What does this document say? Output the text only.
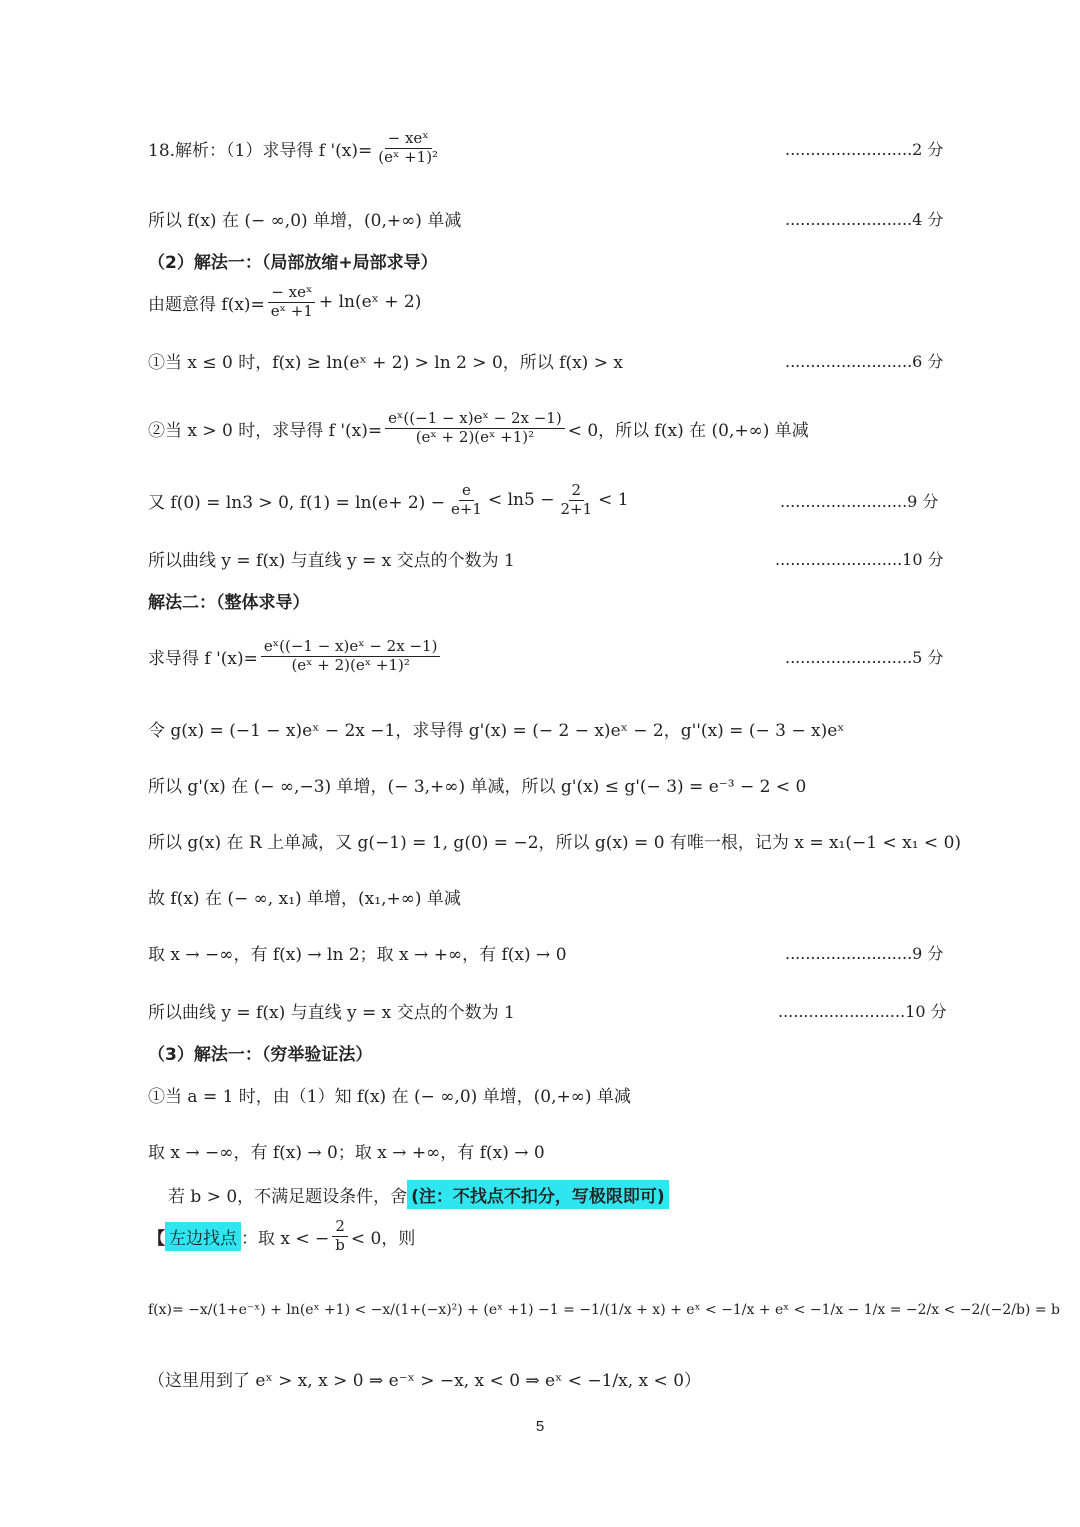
18.解析：（1）求导得 f '$(x)= \frac{\text{− xeˣ}}{\text{(eˣ +1)²}}$	.........................2 分
所以 f(x) 在 (− ∞,0) 单增，(0,+∞) 单减	.........................4 分
（2）解法一：（局部放缩+局部求导）
由题意得 $f(x)= \frac{\text{− xeˣ}}{\text{eˣ +1}}$ + ln(eˣ + 2)
①当 x ≤ 0 时，f(x) ≥ ln(eˣ + 2) > ln 2 > 0，所以 f(x) > x	.........................6 分
②当 x > 0 时，求导得 f '$(x)= \frac{\text{eˣ((−1 − x)eˣ − 2x −1)}}{\text{(eˣ + 2)(eˣ +1)²}} < 0$，所以 f(x) 在 (0,+∞) 单减
又 f(0) = ln3 > 0, $f(1) = \ln(e+ 2) - \frac{e}{e+1} < \ln 5 - \frac{2}{2+1} < 1$	.........................9 分
所以曲线 y = f(x) 与直线 y = x 交点的个数为 1	.........................10 分
解法二：（整体求导）
求导得 f '$(x)= \frac{\text{eˣ((−1 − x)eˣ − 2x −1)}}{\text{(eˣ + 2)(eˣ +1)²}}$	.........................5 分
令 g(x) = (−1 − x)eˣ − 2x −1，求导得 g'(x) = (− 2 − x)eˣ − 2，g''(x) = (− 3 − x)eˣ
所以 g'(x) 在 (− ∞,−3) 单增，(− 3,+∞) 单减，所以 g'(x) ≤ g'(− 3) = e⁻³ − 2 < 0
所以 g(x) 在 R 上单减，又 g(−1) = 1, g(0) = −2，所以 g(x) = 0 有唯一根，记为 x = x₁(−1 < x₁ < 0)
故 f(x) 在 (− ∞, x₁) 单增，(x₁,+∞) 单减
取 x → −∞，有 f(x) → ln 2；取 x → +∞，有 f(x) → 0	.........................9 分
所以曲线 y = f(x) 与直线 y = x 交点的个数为 1	.........................10 分
（3）解法一：（穷举验证法）
①当 a = 1 时，由（1）知 f(x) 在 (− ∞,0) 单增，(0,+∞) 单减
取 x → −∞，有 f(x) → 0；取 x → +∞，有 f(x) → 0
若 b > 0，不满足题设条件，舍 (注：不找点不扣分，写极限即可)
【 左边找点 ：取 x < − $\frac{2}{b} < 0$，则
f(x)= −x/(1+e⁻ˣ) + ln(eˣ +1) < −x/(1+(−x)²) + (eˣ +1) −1 = −1/(1/x + x) + eˣ < −1/x + eˣ < −1/x − 1/x = −2/x < −2/(−2/b) = b
（这里用到了 eˣ > x, x > 0 ⇒ e⁻ˣ > −x, x < 0 ⇒ eˣ < −1/x, x < 0）
5
